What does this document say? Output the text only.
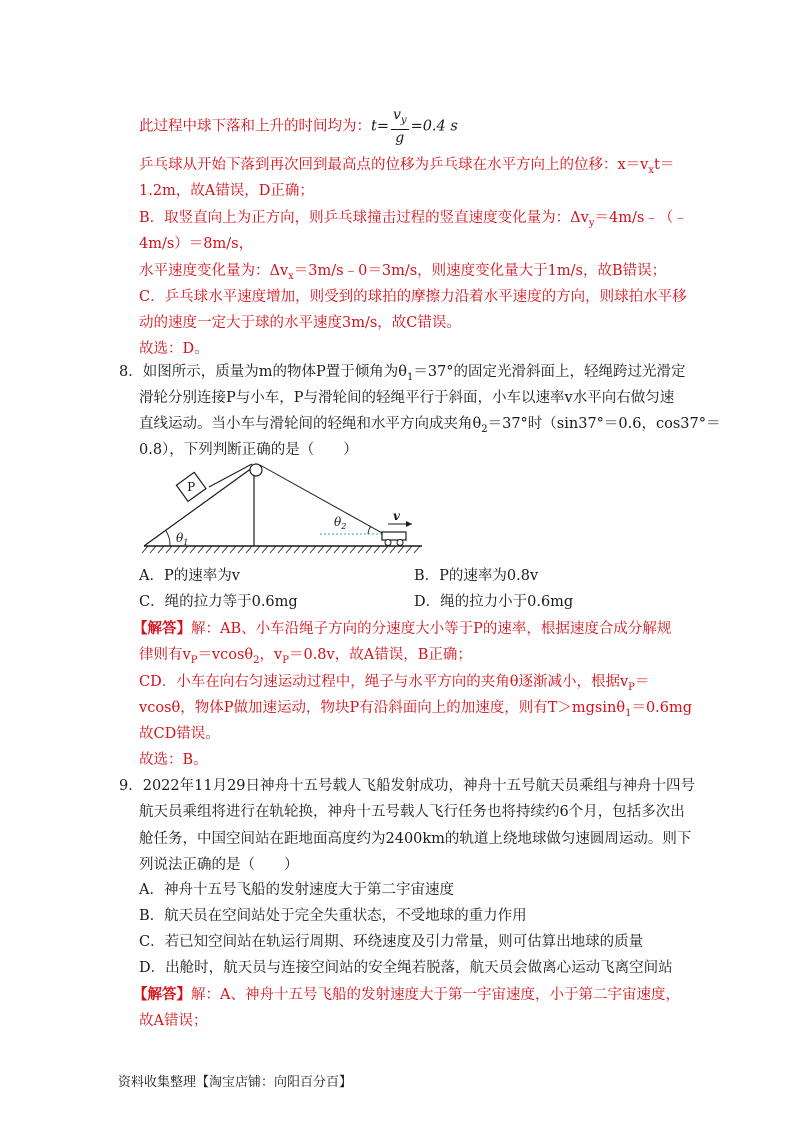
此过程中球下落和上升的时间均为：$t= \frac{v_y}{g} =0.4$ s
乒乓球从开始下落到再次回到最高点的位移为乒乓球在水平方向上的位移：$x=v_xt=$
1.2m，故A错误，D正确；
B．取竖直向上为正方向，则乒乓球撞击过程的竖直速度变化量为：$\Delta v_y=4m/s﹣(﹣$
4m/s）＝8m/s，
水平速度变化量为：$\Delta v_x=3m/s﹣0=3m/s$，则速度变化量大于1m/s，故B错误；
C．乒乓球水平速度增加，则受到的球拍的摩擦力沿着水平速度的方向，则球拍水平移
动的速度一定大于球的水平速度3m/s，故C错误。
故选：D。
8．如图所示，质量为m的物体P置于倾角为$\theta_1=37^\circ$的固定光滑斜面上，轻绳跨过光滑定
滑轮分别连接P与小车，P与滑轮间的轻绳平行于斜面，小车以速率v水平向右做匀速
直线运动。当小车与滑轮间的轻绳和水平方向成夹角$\theta_2=37^\circ$时（sin37°＝0.6，cos37°＝
0.8），下列判断正确的是（　　）
P
$\theta_1$
$\theta_2$
v
A．P的速率为v	B．P的速率为0.8v
C．绳的拉力等于0.6mg	D．绳的拉力小于0.6mg
【解答】解：AB、小车沿绳子方向的分速度大小等于P的速率，根据速度合成分解规
律则有$v_P=vcos\theta_2$，$v_P=0.8v$，故A错误，B正确；
CD．小车在向右匀速运动过程中，绳子与水平方向的夹角θ逐渐减小，根据$v_P=$
vcosθ，物体P做加速运动，物块P有沿斜面向上的加速度，则有T＞mgsinθ$_1$＝0.6mg
故CD错误。
故选：B。
9．2022年11月29日神舟十五号载人飞船发射成功，神舟十五号航天员乘组与神舟十四号
航天员乘组将进行在轨轮换，神舟十五号载人飞行任务也将持续约6个月，包括多次出
舱任务，中国空间站在距地面高度约为2400km的轨道上绕地球做匀速圆周运动。则下
列说法正确的是（　　）
A．神舟十五号飞船的发射速度大于第二宇宙速度
B．航天员在空间站处于完全失重状态，不受地球的重力作用
C．若已知空间站在轨运行周期、环绕速度及引力常量，则可估算出地球的质量
D．出舱时，航天员与连接空间站的安全绳若脱落，航天员会做离心运动飞离空间站
【解答】解：A、神舟十五号飞船的发射速度大于第一宇宙速度，小于第二宇宙速度，
故A错误；
资料收集整理【淘宝店铺：向阳百分百】
